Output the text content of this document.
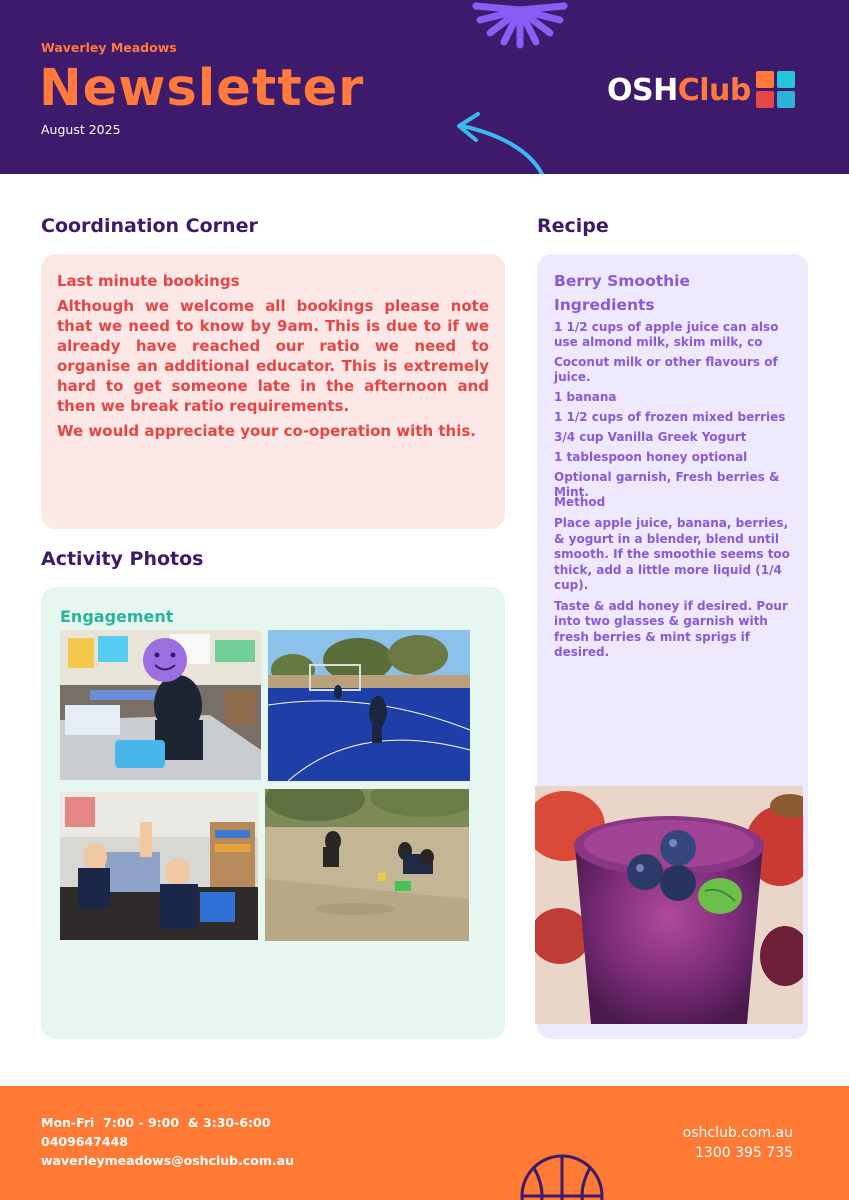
Waverley Meadows
Newsletter
August 2025
OSHClub
Coordination Corner
Last minute bookings

Although we welcome all bookings please note that we need to know by 9am. This is due to if we already have reached our ratio we need to organise an additional educator. This is extremely hard to get someone late in the afternoon and then we break ratio requirements.

We would appreciate your co-operation with this.

Activity Photos
Engagement
Recipe
Berry Smoothie
Ingredients

1 1/2 cups of apple juice can also use almond milk, skim milk, co

Coconut milk or other flavours of juice.

1 banana

1 1/2 cups of frozen mixed berries

3/4 cup Vanilla Greek Yogurt

1 tablespoon honey optional

Optional garnish, Fresh berries & Mint.

Method

Place apple juice, banana, berries, & yogurt in a blender, blend until smooth. If the smoothie seems too thick, add a little more liquid (1/4 cup).

Taste & add honey if desired. Pour into two glasses & garnish with fresh berries & mint sprigs if desired.

Mon-Fri  7:00 - 9:00  & 3:30-6:00
0409647448
waverleymeadows@oshclub.com.au
oshclub.com.au
1300 395 735
